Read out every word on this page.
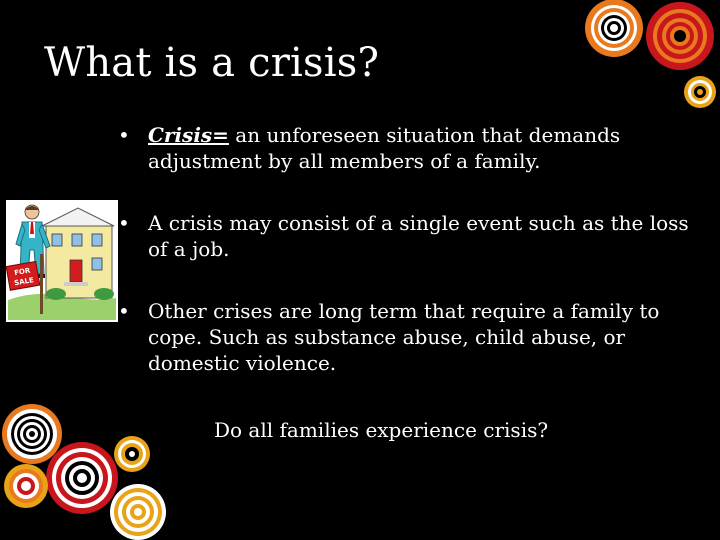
What is a crisis?
• Crisis= an unforeseen situation that demands adjustment by all members of a family.
• A crisis may consist of a single event such as the loss of a job.
• Other crises are long term that require a family to cope. Such as substance abuse, child abuse, or domestic violence.
Do all families experience crisis?
FOR
SALE
